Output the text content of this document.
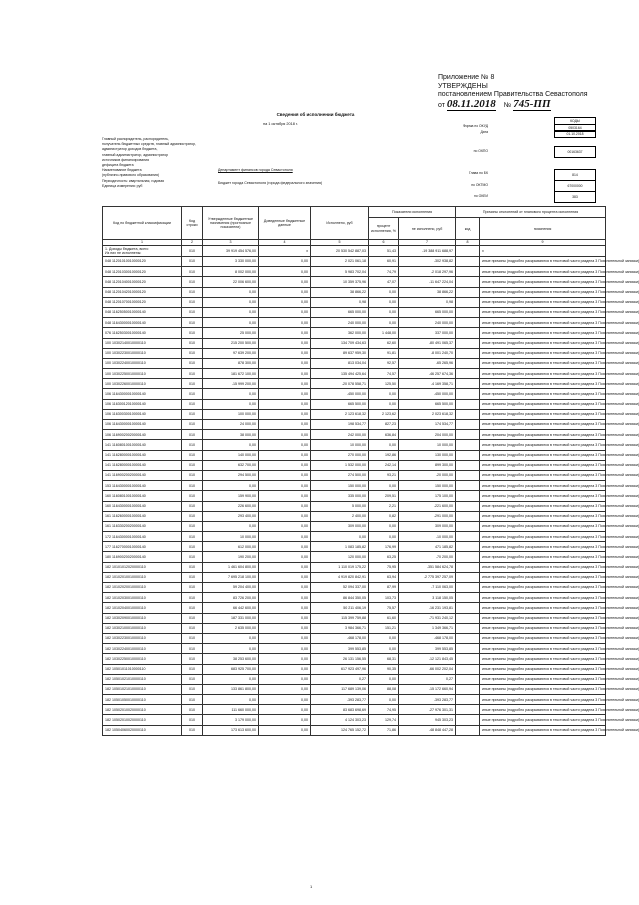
Приложение № 8
УТВЕРЖДЕНЫ
постановлением Правительства Севастополя
от 08.11.2018 № 745-ПП
Сведения об исполнении бюджета
на 1 октября 2018 г.
Главный распорядитель, распорядитель,
получатель бюджетных средств, главный администратор,
администратор доходов бюджета,
главный администратор, администратор
источников финансирования
дефицита бюджета
Наименование бюджета
(публично-правового образования)
Периодичность: квартальная, годовая
Единица измерения: руб
Департамент финансов города Севастополя
Бюджет города Севастополя (города федерального значения)
КОДЫ
Форма по ОКУД	0503164
Дата	01.10.2018
по ОКПО	00163637
Глава по БК	814
по ОКТМО	67000000
по ОКЕИ	383
Код по бюджетной классификации	Код строки	Утвержденные бюджетные назначения (прогнозные показатели)	Доведенные бюджетные данные	Исполнено, руб	Показатели исполнения		Причины отклонений от планового процента исполнения	
					процент исполнения, %	не исполнено, руб	код	пояснения
1	2	3	4	5	6	7	8	9
1. Доходы бюджета, всего
Из них не исполнены:	010	39 919 454 576,00	x	20 530 542 887,03	51,43	-19 388 911 688,97		x
048 11201010010000120	010	3 330 000,00	0,00	2 021 061,18	60,91	-302 938,82		иные причины (подробно раскрываются в текстовой части раздела 3 Пояснительной записки)
048 11201030010000120	010	8 002 000,00	0,00	5 983 702,04	74,79	-2 018 297,96		иные причины (подробно раскрываются в текстовой части раздела 3 Пояснительной записки)
048 11201040010000120	010	22 006 600,00	0,00	10 359 375,96	47,07	-11 647 224,04		иные причины (подробно раскрываются в текстовой части раздела 3 Пояснительной записки)
048 11201042010000120	010	0,00	0,00	38 866,22	0,00	38 866,22		иные причины (подробно раскрываются в текстовой части раздела 3 Пояснительной записки)
048 11201070010000120	010	0,00	0,00	0,98	0,00	0,98		иные причины (подробно раскрываются в текстовой части раздела 3 Пояснительной записки)
048 11625050010000140	010	0,00	0,00	665 000,00	0,00	665 000,00		иные причины (подробно раскрываются в текстовой части раздела 3 Пояснительной записки)
048 11643000010000140	010	0,00	0,00	240 000,00	0,00	240 000,00		иные причины (подробно раскрываются в текстовой части раздела 3 Пояснительной записки)
076 11625030010000140	010	25 000,00	0,00	362 000,00	1 448,00	337 000,00		иные причины (подробно раскрываются в текстовой части раздела 3 Пояснительной записки)
100 10302140010000110	010	215 200 500,00	0,00	134 709 434,63	62,60	-80 491 065,37		иные причины (подробно раскрываются в текстовой части раздела 3 Пояснительной записки)
100 10302230010000110	010	97 639 200,00	0,00	89 637 959,30	91,81	-8 001 240,70		иные причины (подробно раскрываются в текстовой части раздела 3 Пояснительной записки)
100 10302240010000110	010	878 300,00	0,00	813 034,04	92,57	-65 265,96		иные причины (подробно раскрываются в текстовой части раздела 3 Пояснительной записки)
100 10302250010000110	010	181 672 100,00	0,00	135 494 425,64	74,57	-46 257 674,36		иные причины (подробно раскрываются в текстовой части раздела 3 Пояснительной записки)
100 10302260010000110	010	-15 999 200,00	0,00	-20 078 558,71	125,50	-4 169 358,71		иные причины (подробно раскрываются в текстовой части раздела 3 Пояснительной записки)
106 11643000010000140	010	0,00	0,00	-450 000,00	0,00	-450 000,00		иные причины (подробно раскрываются в текстовой части раздела 3 Пояснительной записки)
106 11630012010000140	010	0,00	0,00	665 500,00	0,00	665 500,00		иные причины (подробно раскрываются в текстовой части раздела 3 Пояснительной записки)
106 11630030010000140	010	100 000,00	0,00	2 123 618,32	2 123,62	2 023 618,32		иные причины (подробно раскрываются в текстовой части раздела 3 Пояснительной записки)
106 11643000010000140	010	24 000,00	0,00	198 534,77	827,23	174 534,77		иные причины (подробно раскрываются в текстовой части раздела 3 Пояснительной записки)
106 11690020020000140	010	38 000,00	0,00	242 000,00	636,84	204 000,00		иные причины (подробно раскрываются в текстовой части раздела 3 Пояснительной записки)
141 11608010010000140	010	0,00	0,00	10 000,00	0,00	10 000,00		иные причины (подробно раскрываются в текстовой части раздела 3 Пояснительной записки)
141 11628000010000140	010	140 000,00	0,00	270 000,00	192,86	130 000,00		иные причины (подробно раскрываются в текстовой части раздела 3 Пояснительной записки)
141 11628000010000140	010	632 700,00	0,00	1 532 000,00	242,14	899 300,00		иные причины (подробно раскрываются в текстовой части раздела 3 Пояснительной записки)
141 11690020020000140	010	294 500,00	0,00	274 500,00	93,21	-20 000,00		иные причины (подробно раскрываются в текстовой части раздела 3 Пояснительной записки)
153 11643000010000140	010	0,00	0,00	150 000,00	0,00	150 000,00		иные причины (подробно раскрываются в текстовой части раздела 3 Пояснительной записки)
160 11608010010000140	010	159 900,00	0,00	335 000,00	209,51	175 100,00		иные причины (подробно раскрываются в текстовой части раздела 3 Пояснительной записки)
160 11643000010000140	010	226 600,00	0,00	5 000,00	2,21	-221 600,00		иные причины (подробно раскрываются в текстовой части раздела 3 Пояснительной записки)
161 11626000010000140	010	293 400,00	0,00	2 400,00	0,82	-291 000,00		иные причины (подробно раскрываются в текстовой части раздела 3 Пояснительной записки)
161 11633020020000140	010	0,00	0,00	309 000,00	0,00	309 000,00		иные причины (подробно раскрываются в текстовой части раздела 3 Пояснительной записки)
172 11643000010000140	010	10 000,00	0,00	0,00	0,00	-10 000,00		иные причины (подробно раскрываются в текстовой части раздела 3 Пояснительной записки)
177 11627000010000140	010	612 000,00	0,00	1 083 185,82	176,99	471 185,82		иные причины (подробно раскрываются в текстовой части раздела 3 Пояснительной записки)
180 11690020020000140	010	190 200,00	0,00	120 000,00	63,25	-70 200,00		иные причины (подробно раскрываются в текстовой части раздела 3 Пояснительной записки)
182 10101012020000110	010	1 461 604 800,00	0,00	1 110 019 175,22	75,95	-351 584 624,78		иные причины (подробно раскрываются в текстовой части раздела 3 Пояснительной записки)
182 10102010010000110	010	7 695 218 100,00	0,00	4 919 820 842,91	63,94	-2 775 397 257,09		иные причины (подробно раскрываются в текстовой части раздела 3 Пояснительной записки)
182 10102020010000110	010	59 204 400,00	0,00	52 094 337,00	87,99	-7 110 063,00		иные причины (подробно раскрываются в текстовой части раздела 3 Пояснительной записки)
182 10102030010000110	010	83 726 200,00	0,00	86 844 350,05	103,73	3 118 150,05		иные причины (подробно раскрываются в текстовой части раздела 3 Пояснительной записки)
182 10102040010000110	010	66 442 600,00	0,00	50 211 406,19	75,57	-16 231 193,81		иные причины (подробно раскрываются в текстовой части раздела 3 Пояснительной записки)
182 10302090010000110	010	187 331 000,00	0,00	115 399 759,88	61,60	-71 931 240,12		иные причины (подробно раскрываются в текстовой части раздела 3 Пояснительной записки)
182 10302100010000110	010	2 635 000,00	0,00	3 984 366,71	151,21	1 349 366,71		иные причины (подробно раскрываются в текстовой части раздела 3 Пояснительной записки)
182 10302230010000110	010	0,00	0,00	-468 178,00	0,00	-468 178,00		иные причины (подробно раскрываются в текстовой части раздела 3 Пояснительной записки)
182 10302240010000110	010	0,00	0,00	399 553,85	0,00	399 553,85		иные причины (подробно раскрываются в текстовой части раздела 3 Пояснительной записки)
182 10302250010000110	010	38 253 600,00	0,00	26 131 156,55	68,31	-12 121 843,45		иные причины (подробно раскрываются в текстовой части раздела 3 Пояснительной записки)
182 10501011010000110	010	683 925 700,00	0,00	617 923 497,96	90,35	-66 002 202,04		иные причины (подробно раскрываются в текстовой части раздела 3 Пояснительной записки)
182 10501021010000110	010	0,00	0,00	0,27	0,00	0,27		иные причины (подробно раскрываются в текстовой части раздела 3 Пояснительной записки)
182 10501021010000110	010	133 861 800,00	0,00	117 689 139,06	88,08	-15 172 660,94		иные причины (подробно раскрываются в текстовой части раздела 3 Пояснительной записки)
182 10501050010000110	010	0,00	0,00	-393 283,77	0,00	-393 283,77		иные причины (подробно раскрываются в текстовой части раздела 3 Пояснительной записки)
182 10502010020000110	010	111 660 000,00	0,00	83 683 698,69	74,95	-27 976 301,31		иные причины (подробно раскрываются в текстовой части раздела 3 Пояснительной записки)
182 10502010020000110	010	3 179 000,00	0,00	4 124 303,23	129,74	945 303,23		иные причины (подробно раскрываются в текстовой части раздела 3 Пояснительной записки)
182 10504060020000110	010	173 613 600,00	0,00	124 765 152,72	71,86	-48 848 447,28		иные причины (подробно раскрываются в текстовой части раздела 3 Пояснительной записки)
1
